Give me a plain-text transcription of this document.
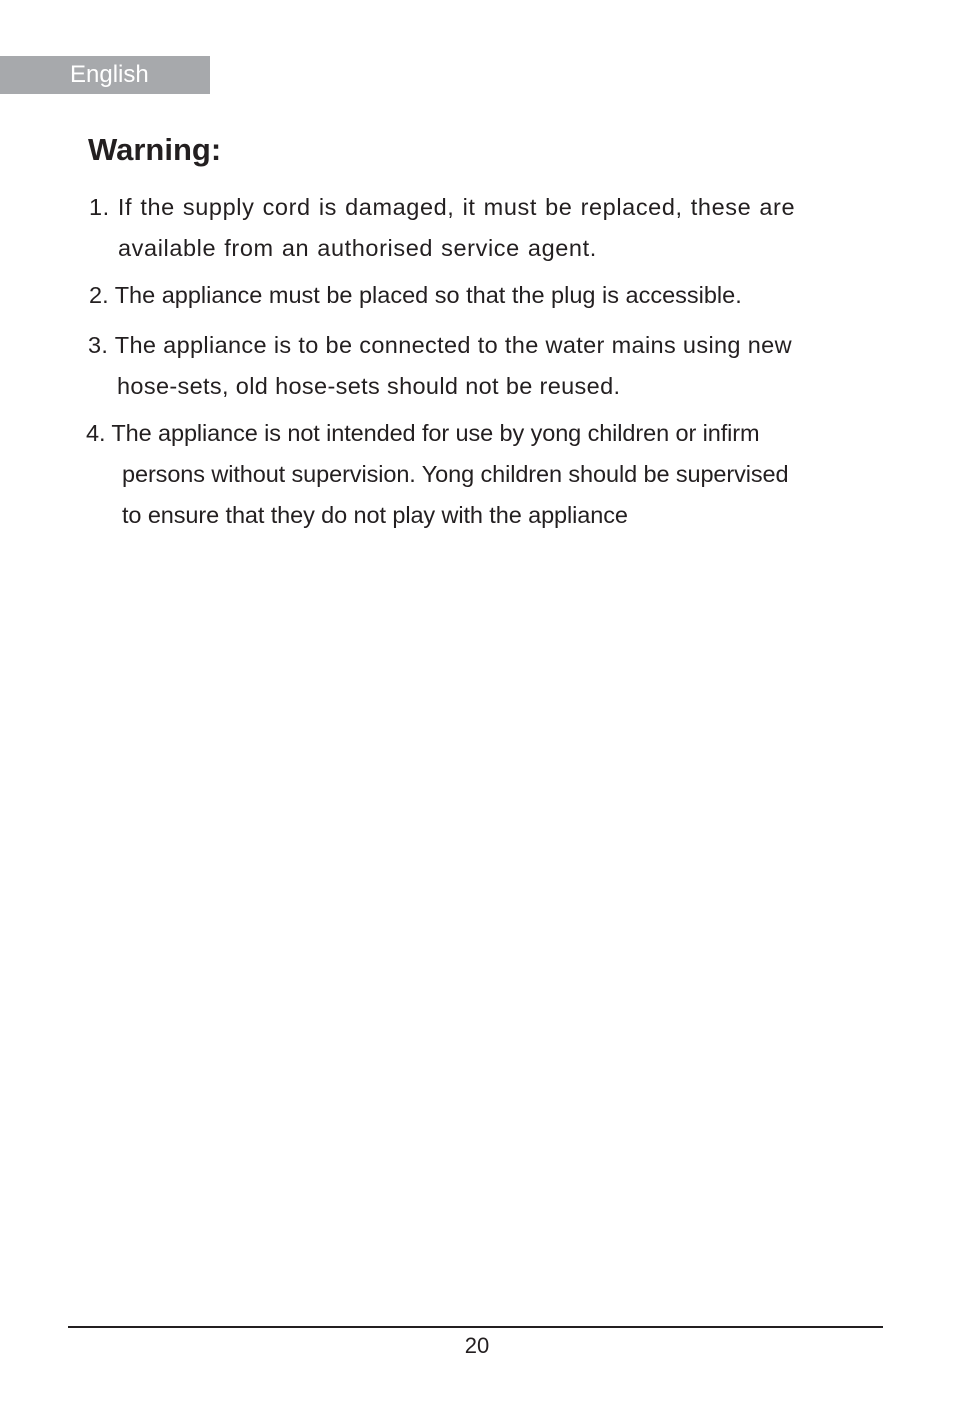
English
Warning:
1. If the supply cord is damaged, it must be replaced, these are
available from an authorised service agent.
2. The appliance must be placed so that the plug is accessible.
3. The appliance is to be connected to the water mains using new
hose-sets, old hose-sets should not be reused.
4. The appliance is not intended for use by yong children or infirm
persons without supervision. Yong children should be supervised
to ensure that they do not play with the appliance
20
